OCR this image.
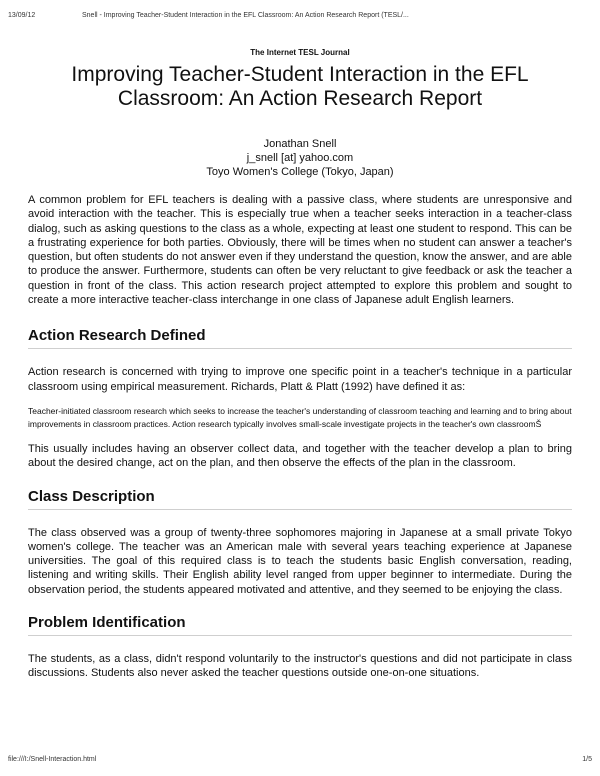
13/09/12	Snell - Improving Teacher-Student Interaction in the EFL Classroom: An Action Research Report (TESL/...
The Internet TESL Journal
Improving Teacher-Student Interaction in the EFL Classroom: An Action Research Report
Jonathan Snell
j_snell [at] yahoo.com
Toyo Women's College (Tokyo, Japan)

A common problem for EFL teachers is dealing with a passive class, where students are unresponsive and avoid interaction with the teacher. This is especially true when a teacher seeks interaction in a teacher-class dialog, such as asking questions to the class as a whole, expecting at least one student to respond. This can be a frustrating experience for both parties. Obviously, there will be times when no student can answer a teacher's question, but often students do not answer even if they understand the question, know the answer, and are able to produce the answer. Furthermore, students can often be very reluctant to give feedback or ask the teacher a question in front of the class. This action research project attempted to explore this problem and sought to create a more interactive teacher-class interchange in one class of Japanese adult English learners.

Action Research Defined

Action research is concerned with trying to improve one specific point in a teacher's technique in a particular classroom using empirical measurement. Richards, Platt & Platt (1992) have defined it as:

Teacher-initiated classroom research which seeks to increase the teacher's understanding of classroom teaching and learning and to bring about improvements in classroom practices. Action research typically involves small-scale investigate projects in the teacher's own classroomŠ

This usually includes having an observer collect data, and together with the teacher develop a plan to bring about the desired change, act on the plan, and then observe the effects of the plan in the classroom.

Class Description

The class observed was a group of twenty-three sophomores majoring in Japanese at a small private Tokyo women's college. The teacher was an American male with several years teaching experience at Japanese universities. The goal of this required class is to teach the students basic English conversation, reading, listening and writing skills. Their English ability level ranged from upper beginner to intermediate. During the observation period, the students appeared motivated and attentive, and they seemed to be enjoying the class.

Problem Identification

The students, as a class, didn't respond voluntarily to the instructor's questions and did not participate in class discussions. Students also never asked the teacher questions outside one-on-one situations.

file:///I:/Snell-Interaction.html	1/5
